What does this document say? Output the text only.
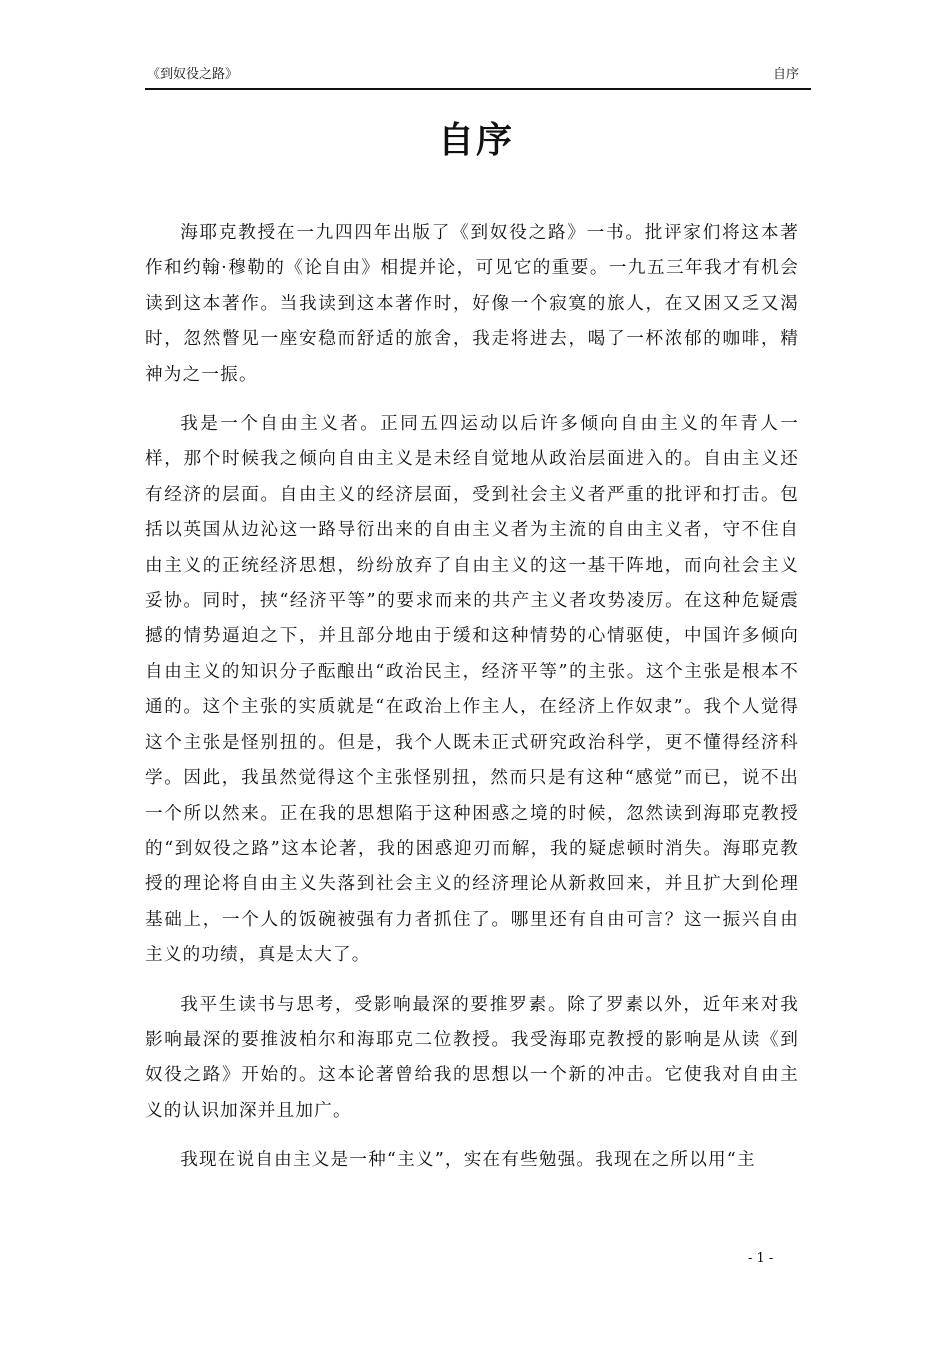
《到奴役之路》	自序
自序

海耶克教授在一九四四年出版了《到奴役之路》一书。批评家们将这本著作和约翰·穆勒的《论自由》相提并论，可见它的重要。一九五三年我才有机会读到这本著作。当我读到这本著作时，好像一个寂寞的旅人，在又困又乏又渴时，忽然瞥见一座安稳而舒适的旅舍，我走将进去，喝了一杯浓郁的咖啡，精神为之一振。

我是一个自由主义者。正同五四运动以后许多倾向自由主义的年青人一样，那个时候我之倾向自由主义是未经自觉地从政治层面进入的。自由主义还有经济的层面。自由主义的经济层面，受到社会主义者严重的批评和打击。包括以英国从边沁这一路导衍出来的自由主义者为主流的自由主义者，守不住自由主义的正统经济思想，纷纷放弃了自由主义的这一基干阵地，而向社会主义妥协。同时，挟“经济平等”的要求而来的共产主义者攻势凌厉。在这种危疑震撼的情势逼迫之下，并且部分地由于缓和这种情势的心情驱使，中国许多倾向自由主义的知识分子酝酿出“政治民主，经济平等”的主张。这个主张是根本不通的。这个主张的实质就是“在政治上作主人，在经济上作奴隶”。我个人觉得这个主张是怪别扭的。但是，我个人既未正式研究政治科学，更不懂得经济科学。因此，我虽然觉得这个主张怪别扭，然而只是有这种“感觉”而已，说不出一个所以然来。正在我的思想陷于这种困惑之境的时候，忽然读到海耶克教授的“到奴役之路”这本论著，我的困惑迎刃而解，我的疑虑顿时消失。海耶克教授的理论将自由主义失落到社会主义的经济理论从新救回来，并且扩大到伦理基础上，一个人的饭碗被强有力者抓住了。哪里还有自由可言？这一振兴自由主义的功绩，真是太大了。

我平生读书与思考，受影响最深的要推罗素。除了罗素以外，近年来对我影响最深的要推波柏尔和海耶克二位教授。我受海耶克教授的影响是从读《到奴役之路》开始的。这本论著曾给我的思想以一个新的冲击。它使我对自由主义的认识加深并且加广。

我现在说自由主义是一种“主义”，实在有些勉强。我现在之所以用“主

- 1 -
